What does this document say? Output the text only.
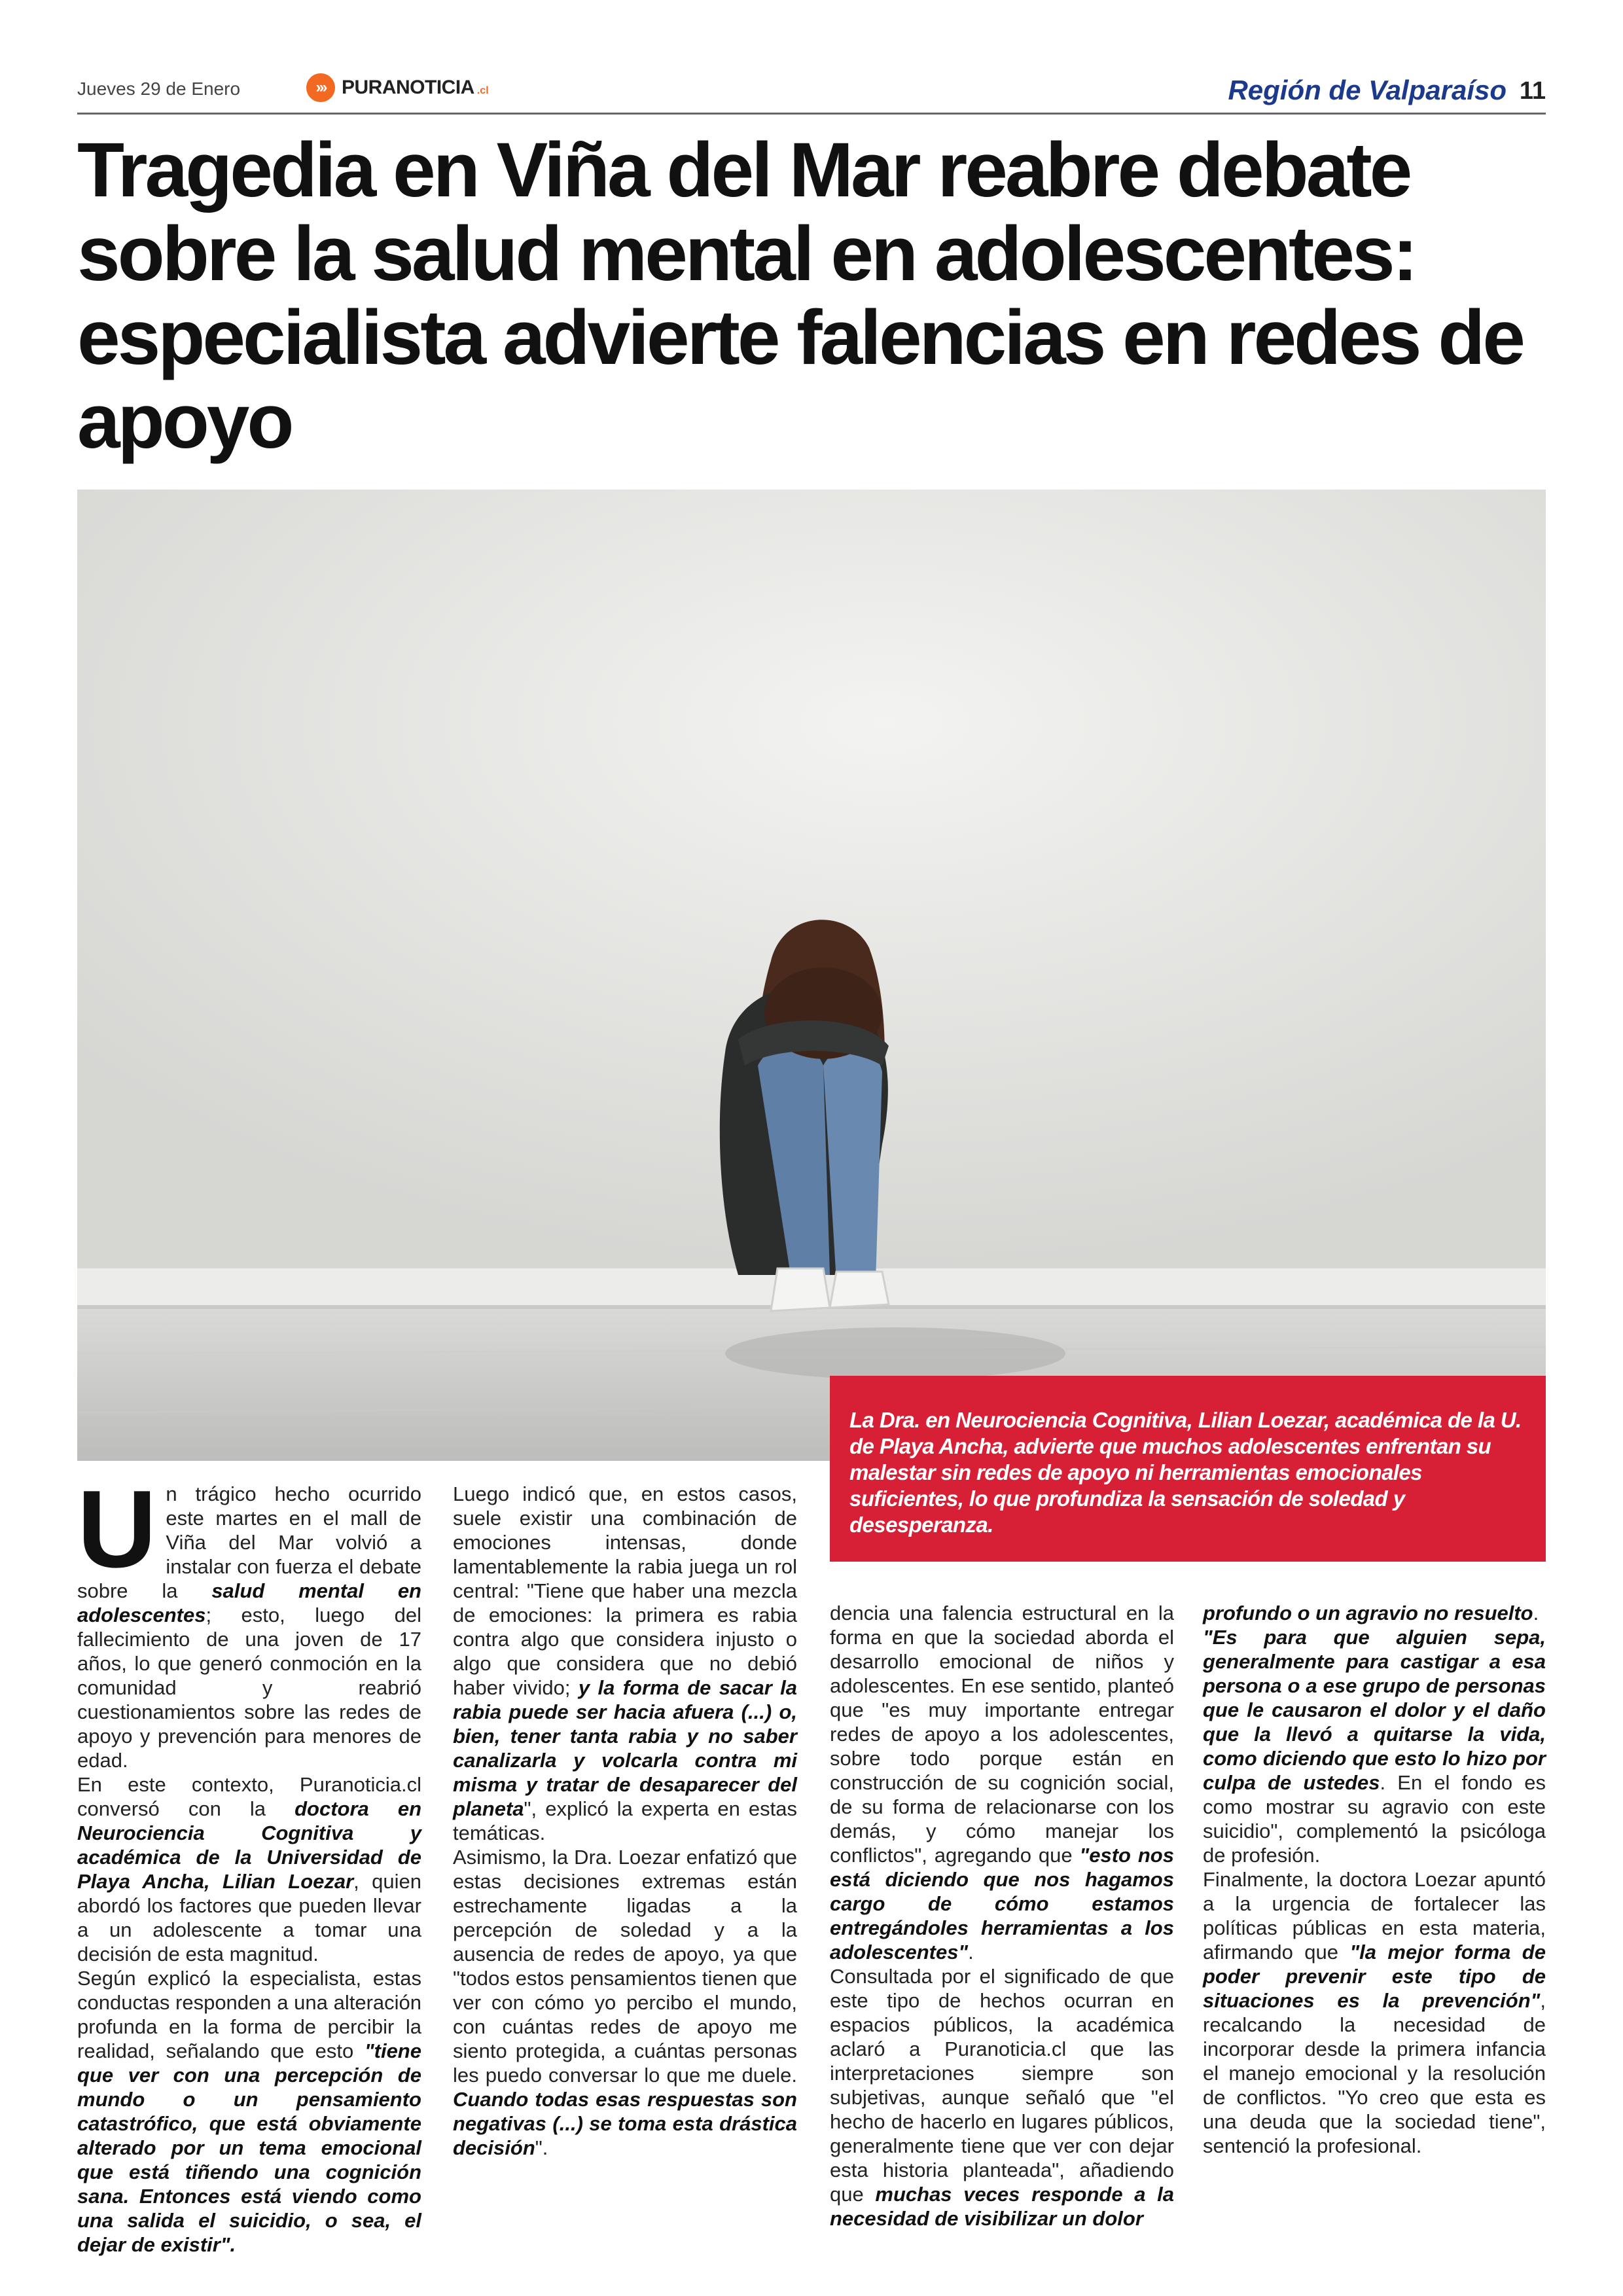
Jueves 29 de Enero	››› PURANOTICIA .cl	Región de Valparaíso 11
Tragedia en Viña del Mar reabre debate sobre la salud mental en adolescentes: especialista advierte falencias en redes de apoyo

La Dra. en Neurociencia Cognitiva, Lilian Loezar, académica de la U. de Playa Ancha, advierte que muchos adolescentes enfrentan su malestar sin redes de apoyo ni herramientas emocionales suficientes, lo que profundiza la sensación de soledad y desesperanza.

Un trágico hecho ocurrido este martes en el mall de Viña del Mar volvió a instalar con fuerza el debate sobre la salud mental en adolescentes; esto, luego del fallecimiento de una joven de 17 años, lo que generó conmoción en la comunidad y reabrió cuestionamientos sobre las redes de apoyo y prevención para menores de edad.

En este contexto, Puranoticia.cl conversó con la doctora en Neurociencia Cognitiva y académica de la Universidad de Playa Ancha, Lilian Loezar, quien abordó los factores que pueden llevar a un adolescente a tomar una decisión de esta magnitud.

Según explicó la especialista, estas conductas responden a una alteración profunda en la forma de percibir la realidad, señalando que esto "tiene que ver con una percepción de mundo o un pensamiento catastrófico, que está obviamente alterado por un tema emocional que está tiñendo una cognición sana. Entonces está viendo como una salida el suicidio, o sea, el dejar de existir".

Luego indicó que, en estos casos, suele existir una combinación de emociones intensas, donde lamentablemente la rabia juega un rol central: "Tiene que haber una mezcla de emociones: la primera es rabia contra algo que considera injusto o algo que considera que no debió haber vivido; y la forma de sacar la rabia puede ser hacia afuera (...) o, bien, tener tanta rabia y no saber canalizarla y volcarla contra mi misma y tratar de desaparecer del planeta", explicó la experta en estas temáticas.

Asimismo, la Dra. Loezar enfatizó que estas decisiones extremas están estrechamente ligadas a la percepción de soledad y a la ausencia de redes de apoyo, ya que "todos estos pensamientos tienen que ver con cómo yo percibo el mundo, con cuántas redes de apoyo me siento protegida, a cuántas personas les puedo conversar lo que me duele. Cuando todas esas respuestas son negativas (...) se toma esta drástica decisión".

dencia una falencia estructural en la forma en que la sociedad aborda el desarrollo emocional de niños y adolescentes. En ese sentido, planteó que "es muy importante entregar redes de apoyo a los adolescentes, sobre todo porque están en construcción de su cognición social, de su forma de relacionarse con los demás, y cómo manejar los conflictos", agregando que "esto nos está diciendo que nos hagamos cargo de cómo estamos entregándoles herramientas a los adolescentes".

Consultada por el significado de que este tipo de hechos ocurran en espacios públicos, la académica aclaró a Puranoticia.cl que las interpretaciones siempre son subjetivas, aunque señaló que "el hecho de hacerlo en lugares públicos, generalmente tiene que ver con dejar esta historia planteada", añadiendo que muchas veces responde a la necesidad de visibilizar un dolor

profundo o un agravio no resuelto.

"Es para que alguien sepa, generalmente para castigar a esa persona o a ese grupo de personas que le causaron el dolor y el daño que la llevó a quitarse la vida, como diciendo que esto lo hizo por culpa de ustedes. En el fondo es como mostrar su agravio con este suicidio", complementó la psicóloga de profesión.

Finalmente, la doctora Loezar apuntó a la urgencia de fortalecer las políticas públicas en esta materia, afirmando que "la mejor forma de poder prevenir este tipo de situaciones es la prevención", recalcando la necesidad de incorporar desde la primera infancia el manejo emocional y la resolución de conflictos. "Yo creo que esta es una deuda que la sociedad tiene", sentenció la profesional.
